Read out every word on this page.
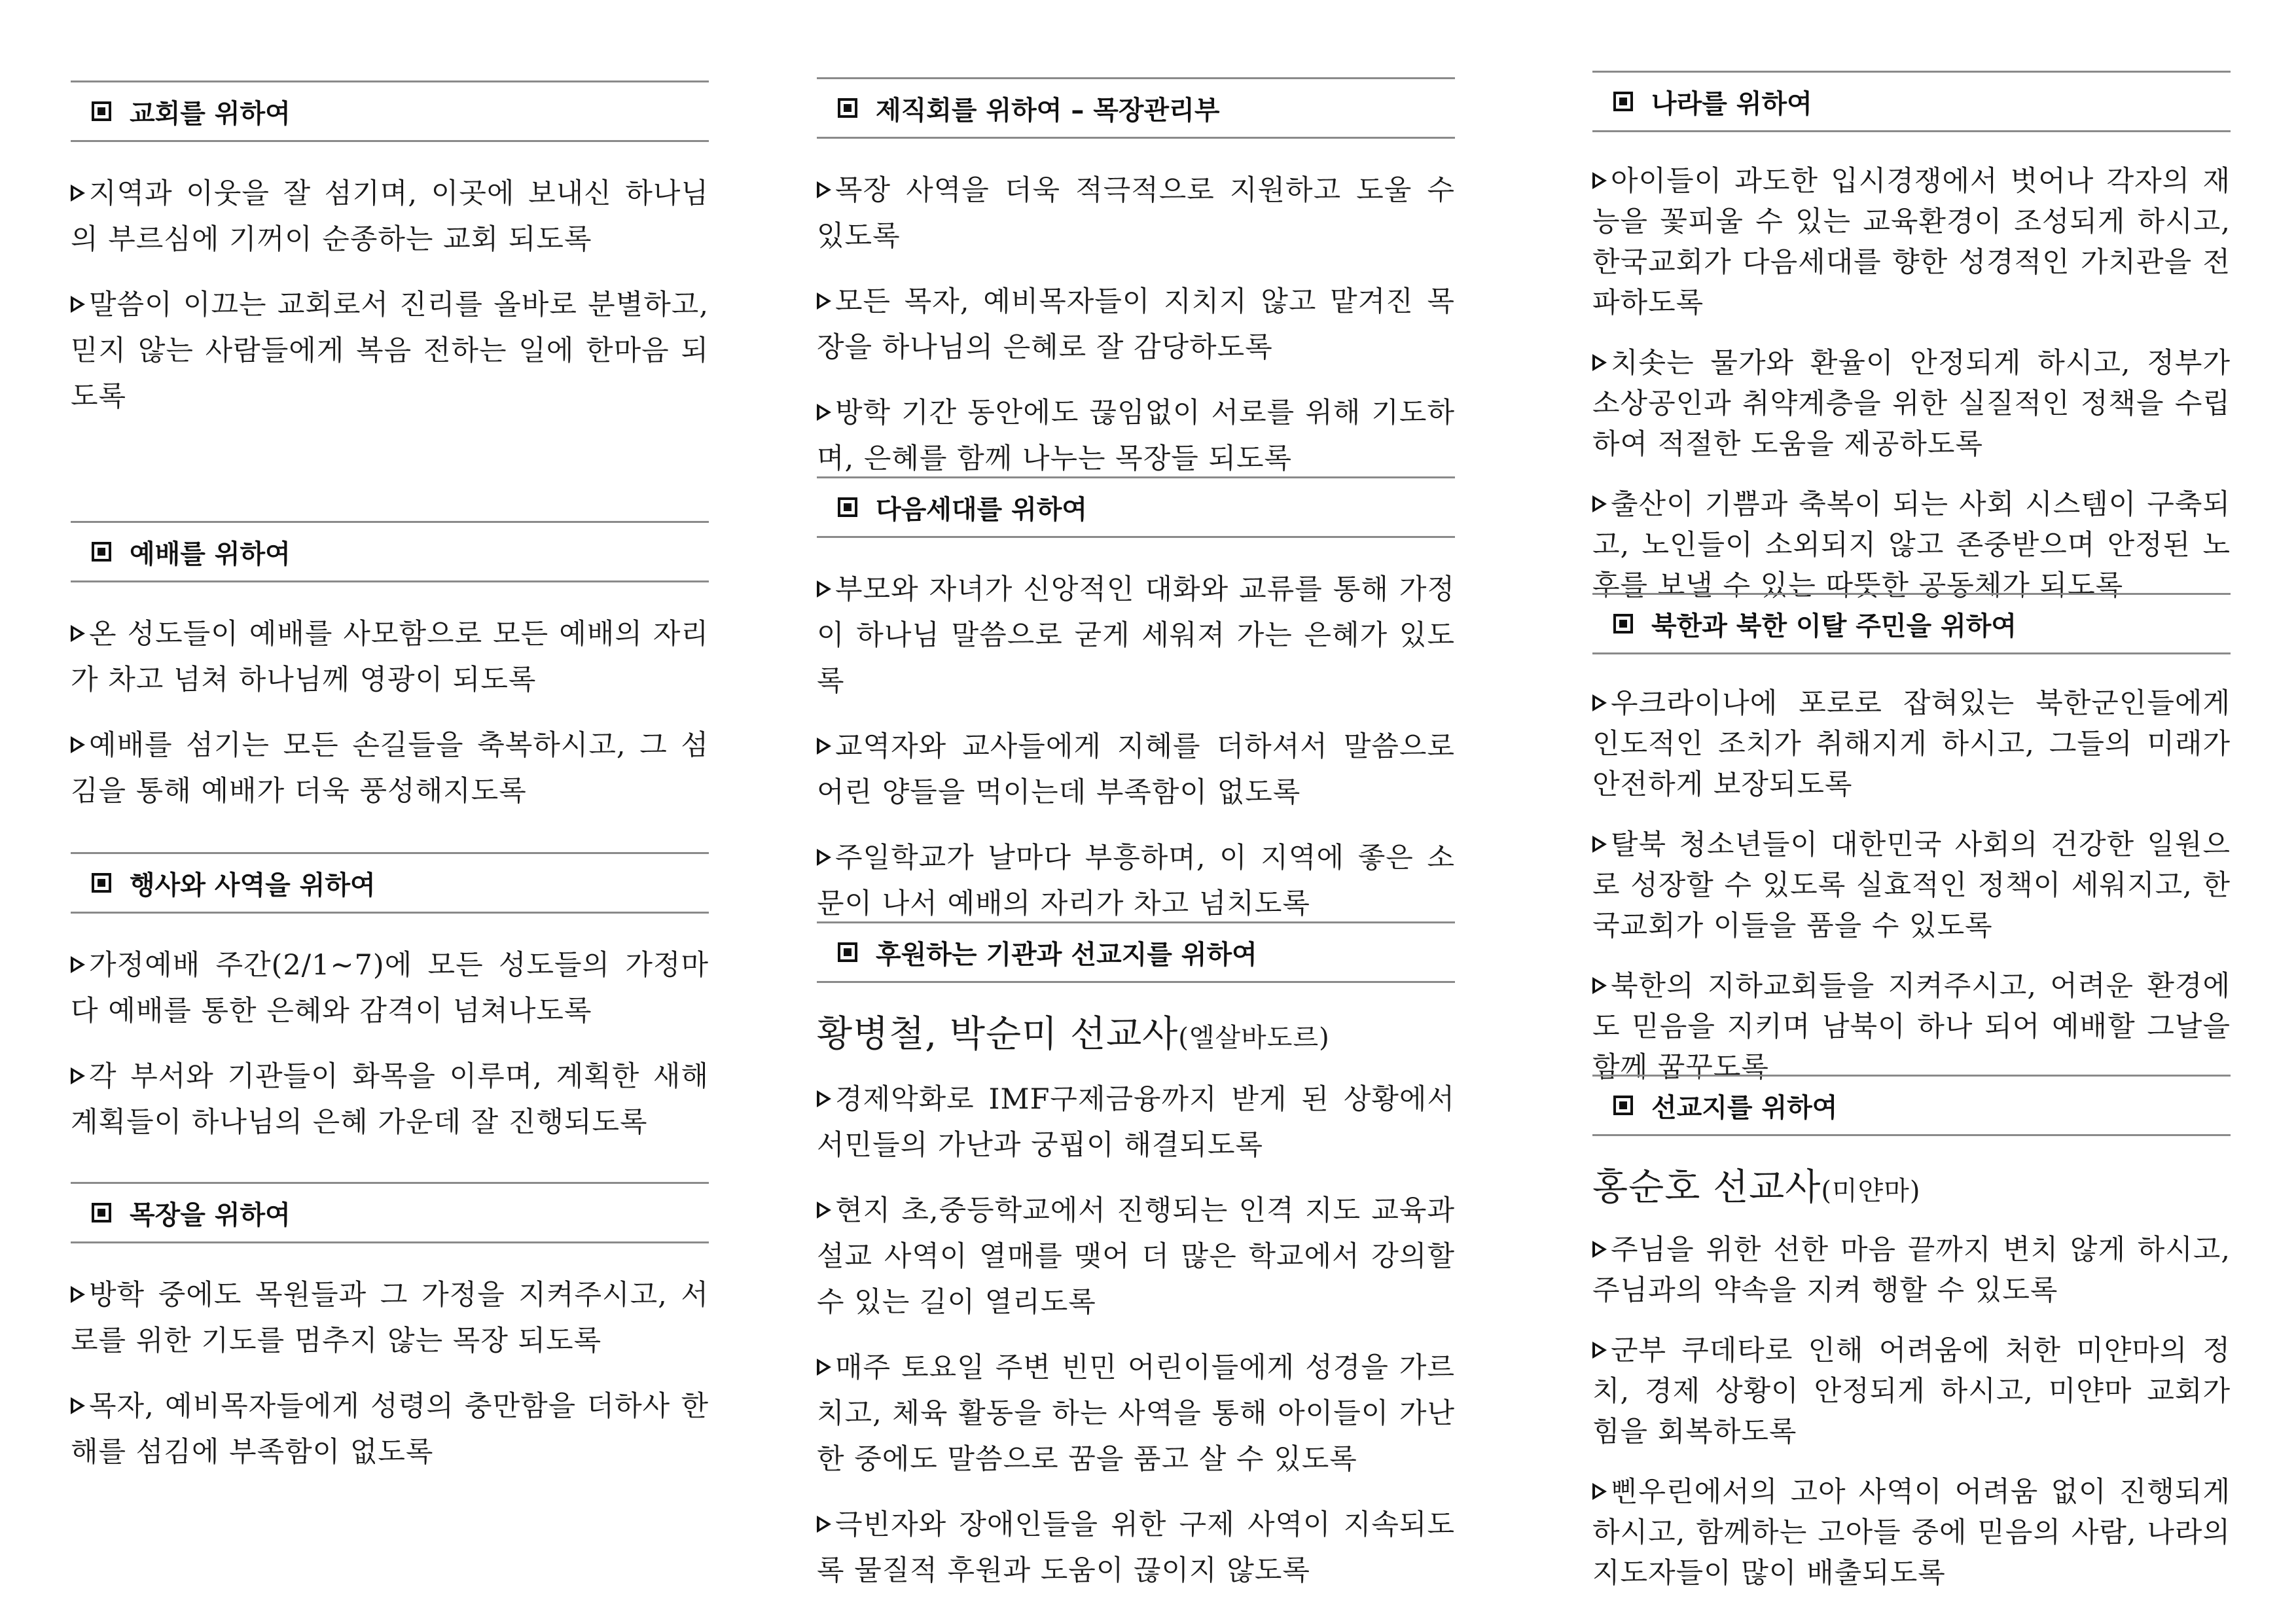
교회를 위하여

지역과 이웃을 잘 섬기며, 이곳에 보내신 하나님의 부르심에 기꺼이 순종하는 교회 되도록

말씀이 이끄는 교회로서 진리를 올바로 분별하고, 믿지 않는 사람들에게 복음 전하는 일에 한마음 되도록

예배를 위하여

온 성도들이 예배를 사모함으로 모든 예배의 자리가 차고 넘쳐 하나님께 영광이 되도록

예배를 섬기는 모든 손길들을 축복하시고, 그 섬김을 통해 예배가 더욱 풍성해지도록

행사와 사역을 위하여

가정예배 주간(2/1~7)에 모든 성도들의 가정마다 예배를 통한 은혜와 감격이 넘쳐나도록

각 부서와 기관들이 화목을 이루며, 계획한 새해 계획들이 하나님의 은혜 가운데 잘 진행되도록

목장을 위하여

방학 중에도 목원들과 그 가정을 지켜주시고, 서로를 위한 기도를 멈추지 않는 목장 되도록

목자, 예비목자들에게 성령의 충만함을 더하사 한해를 섬김에 부족함이 없도록

제직회를 위하여 – 목장관리부

목장 사역을 더욱 적극적으로 지원하고 도울 수 있도록

모든 목자, 예비목자들이 지치지 않고 맡겨진 목장을 하나님의 은혜로 잘 감당하도록

방학 기간 동안에도 끊임없이 서로를 위해 기도하며, 은혜를 함께 나누는 목장들 되도록

다음세대를 위하여

부모와 자녀가 신앙적인 대화와 교류를 통해 가정이 하나님 말씀으로 굳게 세워져 가는 은혜가 있도록

교역자와 교사들에게 지혜를 더하셔서 말씀으로 어린 양들을 먹이는데 부족함이 없도록

주일학교가 날마다 부흥하며, 이 지역에 좋은 소문이 나서 예배의 자리가 차고 넘치도록

후원하는 기관과 선교지를 위하여
황병철, 박순미 선교사(엘살바도르)

경제악화로 IMF구제금융까지 받게 된 상황에서 서민들의 가난과 궁핍이 해결되도록

현지 초,중등학교에서 진행되는 인격 지도 교육과 설교 사역이 열매를 맺어 더 많은 학교에서 강의할 수 있는 길이 열리도록

매주 토요일 주변 빈민 어린이들에게 성경을 가르치고, 체육 활동을 하는 사역을 통해 아이들이 가난한 중에도 말씀으로 꿈을 품고 살 수 있도록

극빈자와 장애인들을 위한 구제 사역이 지속되도록 물질적 후원과 도움이 끊이지 않도록

나라를 위하여

아이들이 과도한 입시경쟁에서 벗어나 각자의 재능을 꽃피울 수 있는 교육환경이 조성되게 하시고, 한국교회가 다음세대를 향한 성경적인 가치관을 전파하도록

치솟는 물가와 환율이 안정되게 하시고, 정부가 소상공인과 취약계층을 위한 실질적인 정책을 수립하여 적절한 도움을 제공하도록

출산이 기쁨과 축복이 되는 사회 시스템이 구축되고, 노인들이 소외되지 않고 존중받으며 안정된 노후를 보낼 수 있는 따뜻한 공동체가 되도록

북한과 북한 이탈 주민을 위하여

우크라이나에 포로로 잡혀있는 북한군인들에게 인도적인 조치가 취해지게 하시고, 그들의 미래가 안전하게 보장되도록

탈북 청소년들이 대한민국 사회의 건강한 일원으로 성장할 수 있도록 실효적인 정책이 세워지고, 한국교회가 이들을 품을 수 있도록

북한의 지하교회들을 지켜주시고, 어려운 환경에도 믿음을 지키며 남북이 하나 되어 예배할 그날을 함께 꿈꾸도록

선교지를 위하여
홍순호 선교사(미얀마)

주님을 위한 선한 마음 끝까지 변치 않게 하시고, 주님과의 약속을 지켜 행할 수 있도록

군부 쿠데타로 인해 어려움에 처한 미얀마의 정치, 경제 상황이 안정되게 하시고, 미얀마 교회가 힘을 회복하도록

삔우린에서의 고아 사역이 어려움 없이 진행되게 하시고, 함께하는 고아들 중에 믿음의 사람, 나라의 지도자들이 많이 배출되도록
